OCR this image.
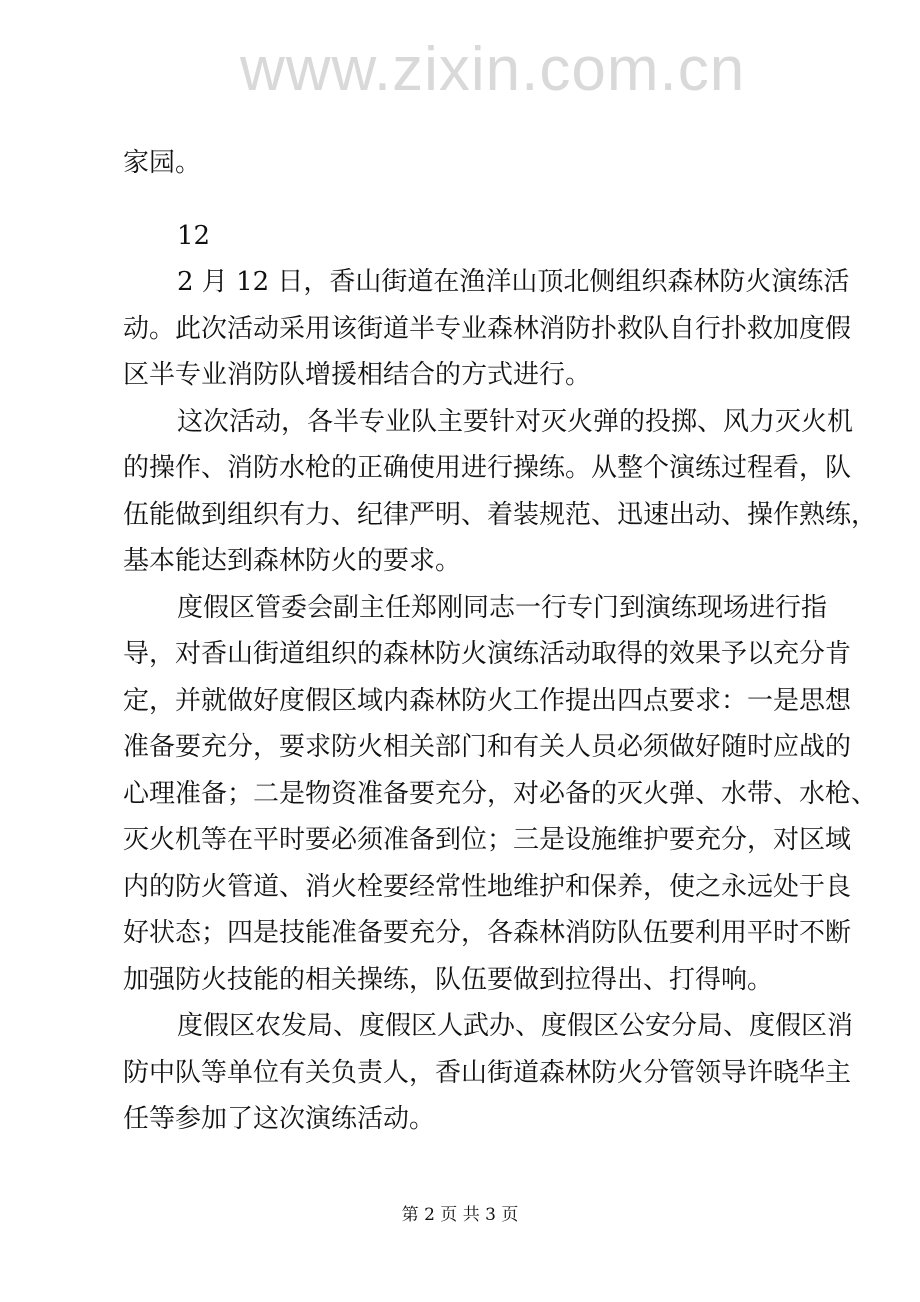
www.zixin.com.cn
家园。
12
2 月 12 日，香山街道在渔洋山顶北侧组织森林防火演练活
动。此次活动采用该街道半专业森林消防扑救队自行扑救加度假
区半专业消防队增援相结合的方式进行。
这次活动，各半专业队主要针对灭火弹的投掷、风力灭火机
的操作、消防水枪的正确使用进行操练。从整个演练过程看，队
伍能做到组织有力、纪律严明、着装规范、迅速出动、操作熟练，
基本能达到森林防火的要求。
度假区管委会副主任郑刚同志一行专门到演练现场进行指
导，对香山街道组织的森林防火演练活动取得的效果予以充分肯
定，并就做好度假区域内森林防火工作提出四点要求：一是思想
准备要充分，要求防火相关部门和有关人员必须做好随时应战的
心理准备；二是物资准备要充分，对必备的灭火弹、水带、水枪、
灭火机等在平时要必须准备到位；三是设施维护要充分，对区域
内的防火管道、消火栓要经常性地维护和保养，使之永远处于良
好状态；四是技能准备要充分，各森林消防队伍要利用平时不断
加强防火技能的相关操练，队伍要做到拉得出、打得响。
度假区农发局、度假区人武办、度假区公安分局、度假区消
防中队等单位有关负责人，香山街道森林防火分管领导许晓华主
任等参加了这次演练活动。
第 2 页 共 3 页
